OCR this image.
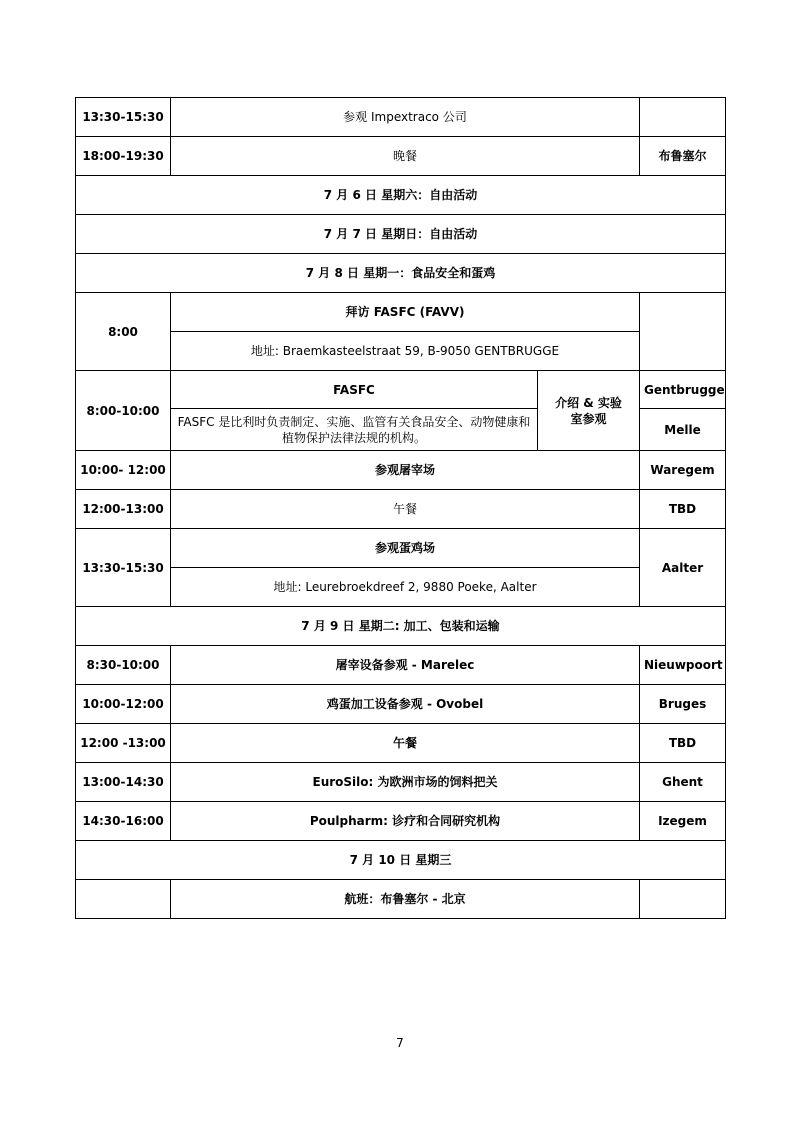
13:30-15:30	参观 Impextraco 公司		
18:00-19:30	晚餐		布鲁塞尔
7 月 6 日 星期六：自由活动			
7 月 7 日 星期日：自由活动			
7 月 8 日 星期一：食品安全和蛋鸡			
8:00	拜访 FASFC (FAVV)		
	地址: Braemkasteelstraat 59, B-9050 GENTBRUGGE		
8:00-10:00	FASFC	介绍 & 实验室参观	Gentbrugge
	FASFC 是比利时负责制定、实施、监管有关食品安全、动物健康和植物保护法律法规的机构。		Melle
10:00- 12:00	参观屠宰场		Waregem
12:00-13:00	午餐		TBD
13:30-15:30	参观蛋鸡场		Aalter
	地址: Leurebroekdreef 2, 9880 Poeke, Aalter		
7 月 9 日 星期二: 加工、包装和运输			
8:30-10:00	屠宰设备参观 - Marelec		Nieuwpoort
10:00-12:00	鸡蛋加工设备参观 - Ovobel		Bruges
12:00 -13:00	午餐		TBD
13:00-14:30	EuroSilo: 为欧洲市场的饲料把关		Ghent
14:30-16:00	Poulpharm: 诊疗和合同研究机构		Izegem
7 月 10 日 星期三			
	航班：布鲁塞尔 - 北京		
7
